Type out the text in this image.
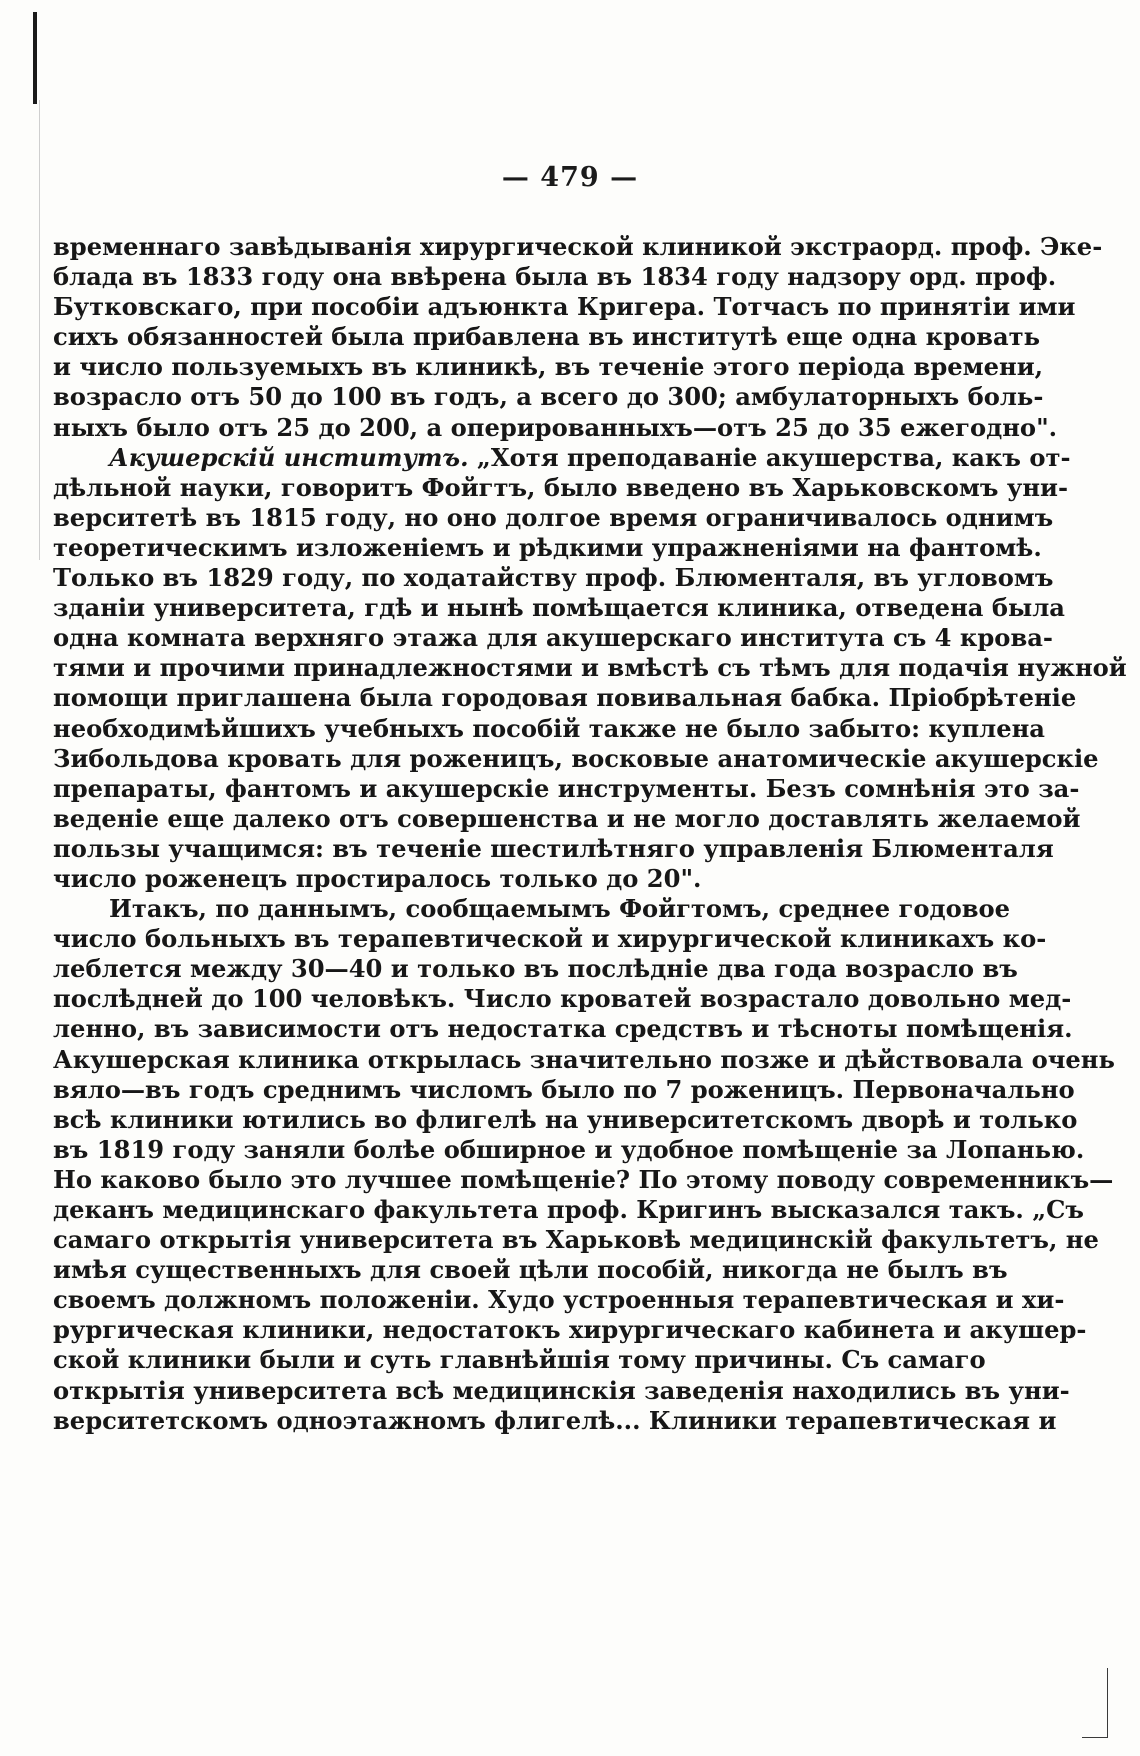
— 479 —
временнаго завѣдыванія хирургической клиникой экстраорд. проф. Эке-
блада въ 1833 году она ввѣрена была въ 1834 году надзору орд. проф.
Бутковскаго, при пособіи адъюнкта Кригера. Тотчасъ по принятіи ими
сихъ обязанностей была прибавлена въ институтѣ еще одна кровать
и число пользуемыхъ въ клиникѣ, въ теченіе этого періода времени,
возрасло отъ 50 до 100 въ годъ, а всего до 300; амбулаторныхъ боль-
ныхъ было отъ 25 до 200, а оперированныхъ—отъ 25 до 35 ежегодно".
Акушерскій институтъ. „Хотя преподаваніе акушерства, какъ от-
дѣльной науки, говоритъ Фойгтъ, было введено въ Харьковскомъ уни-
верситетѣ въ 1815 году, но оно долгое время ограничивалось однимъ
теоретическимъ изложеніемъ и рѣдкими упражненіями на фантомѣ.
Только въ 1829 году, по ходатайству проф. Блюменталя, въ угловомъ
зданіи университета, гдѣ и нынѣ помѣщается клиника, отведена была
одна комната верхняго этажа для акушерскаго института съ 4 крова-
тями и прочими принадлежностями и вмѣстѣ съ тѣмъ для подачія нужной
помощи приглашена была городовая повивальная бабка. Пріобрѣтеніе
необходимѣйшихъ учебныхъ пособій также не было забыто: куплена
Зибольдова кровать для роженицъ, восковые анатомическіе акушерскіе
препараты, фантомъ и акушерскіе инструменты. Безъ сомнѣнія это за-
веденіе еще далеко отъ совершенства и не могло доставлять желаемой
пользы учащимся: въ теченіе шестилѣтняго управленія Блюменталя
число роженецъ простиралось только до 20".
Итакъ, по даннымъ, сообщаемымъ Фойгтомъ, среднее годовое
число больныхъ въ терапевтической и хирургической клиникахъ ко-
леблется между 30—40 и только въ послѣдніе два года возрасло въ
послѣдней до 100 человѣкъ. Число кроватей возрастало довольно мед-
ленно, въ зависимости отъ недостатка средствъ и тѣсноты помѣщенія.
Акушерская клиника открылась значительно позже и дѣйствовала очень
вяло—въ годъ среднимъ числомъ было по 7 роженицъ. Первоначально
всѣ клиники ютились во флигелѣ на университетскомъ дворѣ и только
въ 1819 году заняли болѣе обширное и удобное помѣщеніе за Лопанью.
Но каково было это лучшее помѣщеніе? По этому поводу современникъ—
деканъ медицинскаго факультета проф. Кригинъ высказался такъ. „Съ
самаго открытія университета въ Харьковѣ медицинскій факультетъ, не
имѣя существенныхъ для своей цѣли пособій, никогда не былъ въ
своемъ должномъ положеніи. Худо устроенныя терапевтическая и хи-
рургическая клиники, недостатокъ хирургическаго кабинета и акушер-
ской клиники были и суть главнѣйшія тому причины. Съ самаго
открытія университета всѣ медицинскія заведенія находились въ уни-
верситетскомъ одноэтажномъ флигелѣ... Клиники терапевтическая и
